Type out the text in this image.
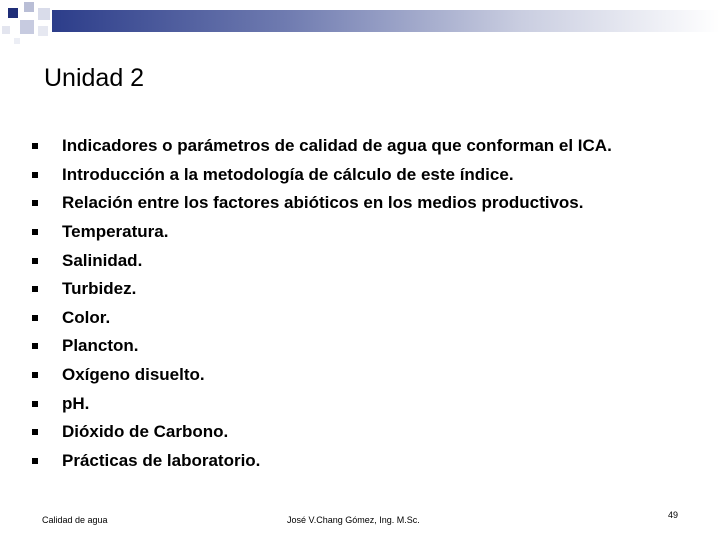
Unidad 2
Indicadores o parámetros de calidad de agua que conforman el ICA.
Introducción a la metodología de cálculo de este índice.
Relación entre los factores abióticos en los medios productivos.
Temperatura.
Salinidad.
Turbidez.
Color.
Plancton.
Oxígeno disuelto.
pH.
Dióxido de Carbono.
Prácticas de laboratorio.
Calidad de agua	José V.Chang Gómez, Ing. M.Sc.	49
